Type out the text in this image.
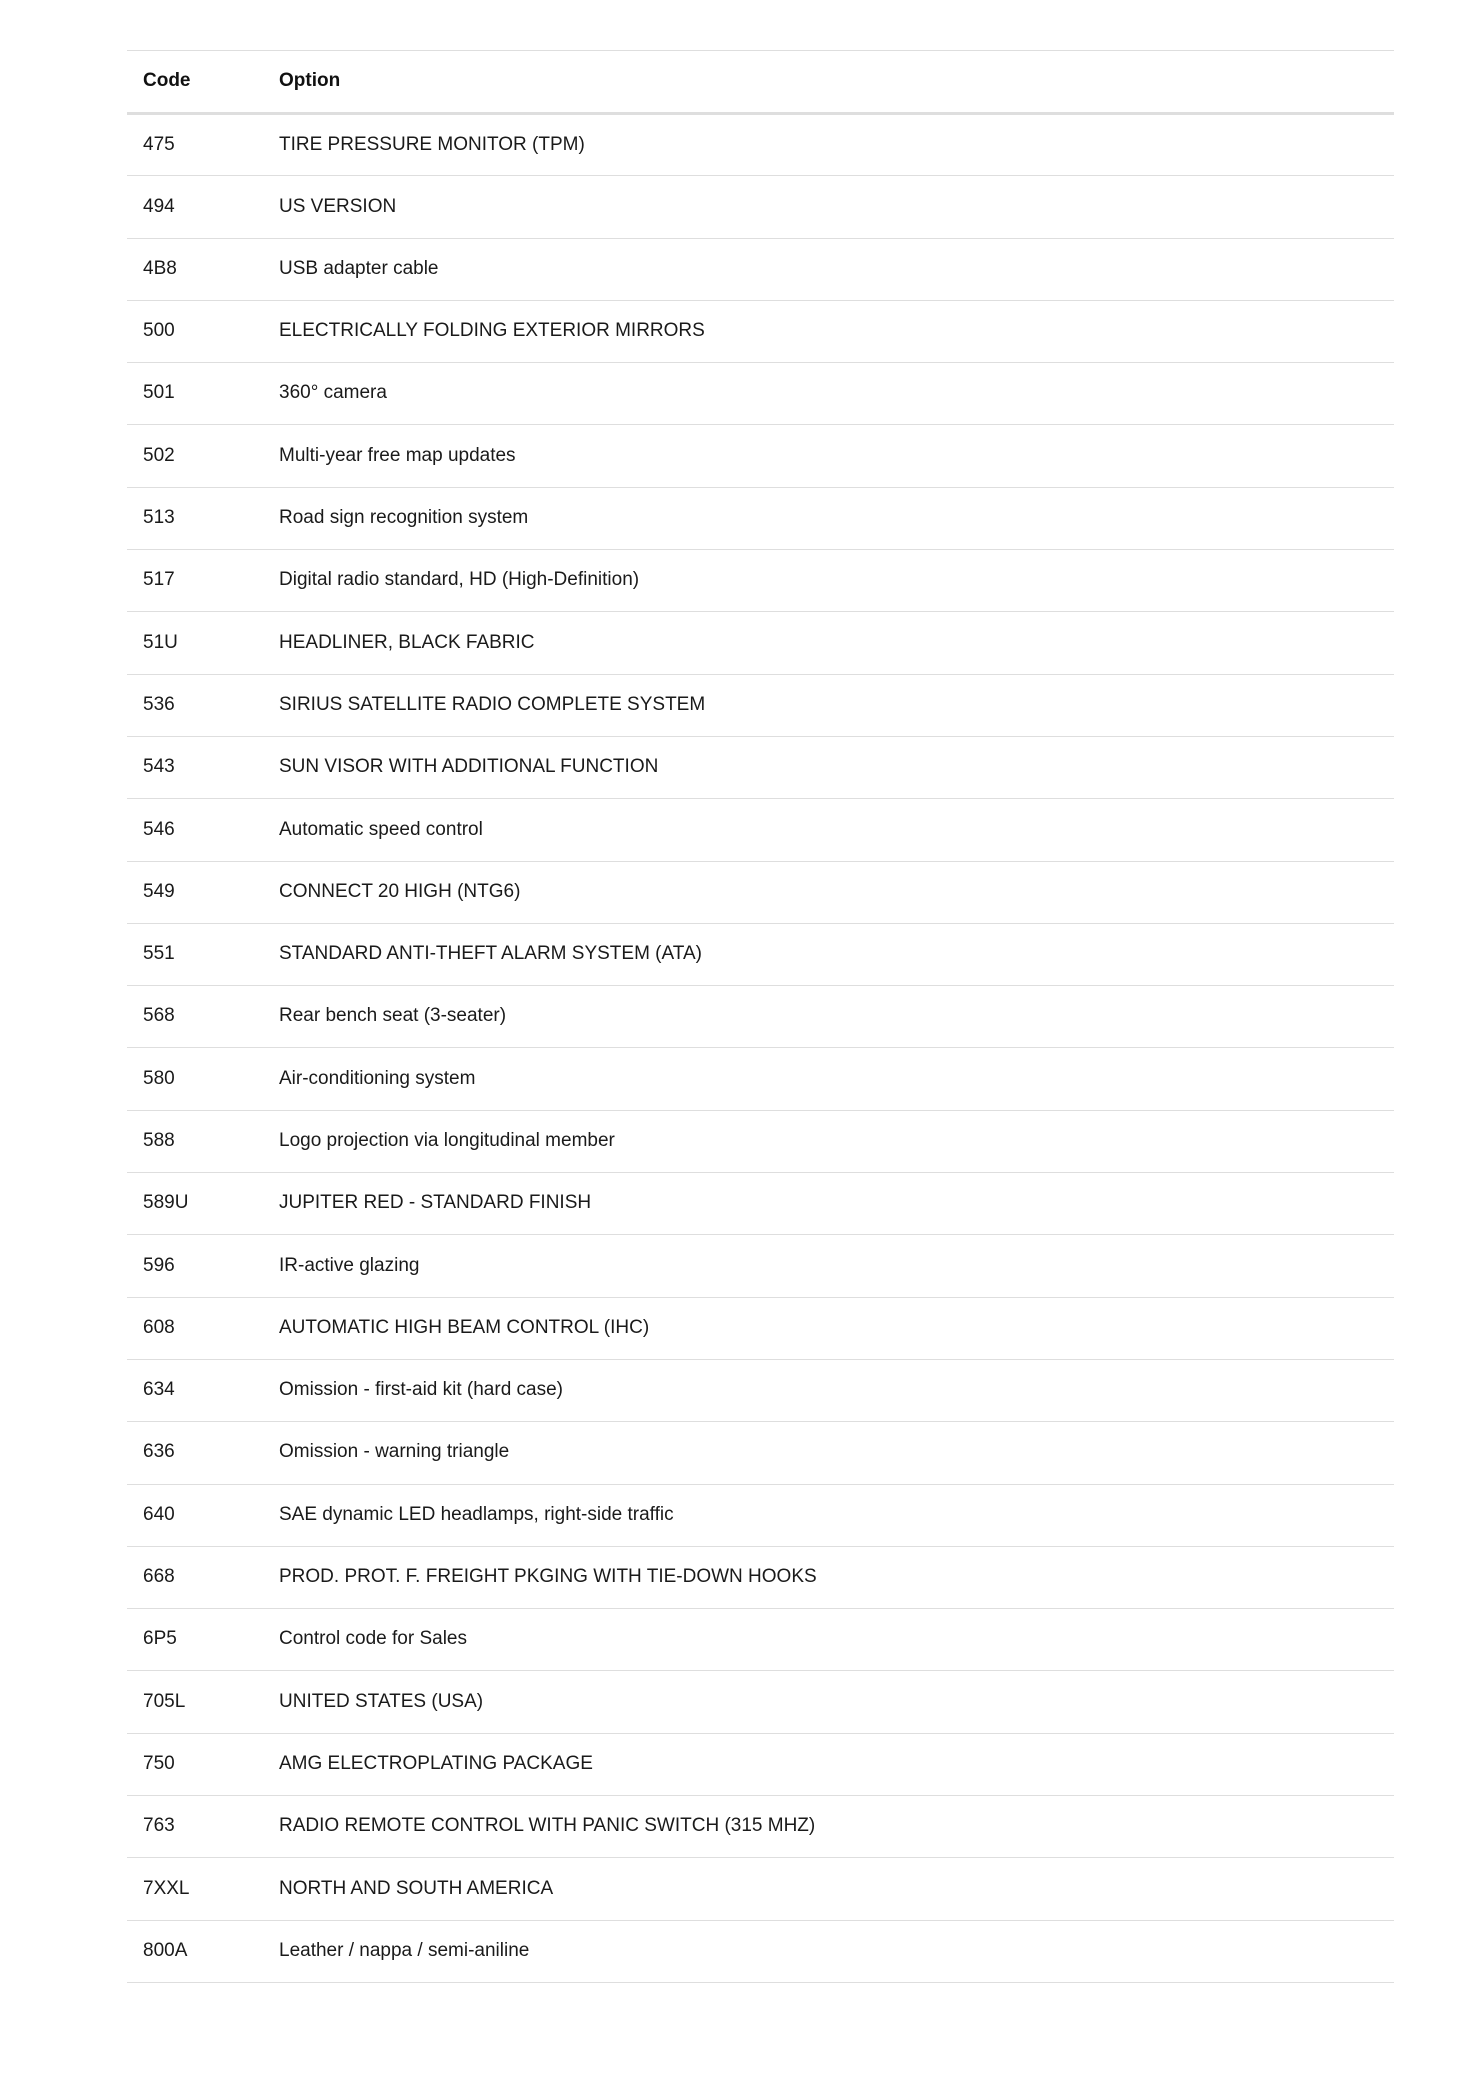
Code	Option
475	TIRE PRESSURE MONITOR (TPM)
494	US VERSION
4B8	USB adapter cable
500	ELECTRICALLY FOLDING EXTERIOR MIRRORS
501	360° camera
502	Multi-year free map updates
513	Road sign recognition system
517	Digital radio standard, HD (High-Definition)
51U	HEADLINER, BLACK FABRIC
536	SIRIUS SATELLITE RADIO COMPLETE SYSTEM
543	SUN VISOR WITH ADDITIONAL FUNCTION
546	Automatic speed control
549	CONNECT 20 HIGH (NTG6)
551	STANDARD ANTI-THEFT ALARM SYSTEM (ATA)
568	Rear bench seat (3-seater)
580	Air-conditioning system
588	Logo projection via longitudinal member
589U	JUPITER RED - STANDARD FINISH
596	IR-active glazing
608	AUTOMATIC HIGH BEAM CONTROL (IHC)
634	Omission - first-aid kit (hard case)
636	Omission - warning triangle
640	SAE dynamic LED headlamps, right-side traffic
668	PROD. PROT. F. FREIGHT PKGING WITH TIE-DOWN HOOKS
6P5	Control code for Sales
705L	UNITED STATES (USA)
750	AMG ELECTROPLATING PACKAGE
763	RADIO REMOTE CONTROL WITH PANIC SWITCH (315 MHZ)
7XXL	NORTH AND SOUTH AMERICA
800A	Leather / nappa / semi-aniline
